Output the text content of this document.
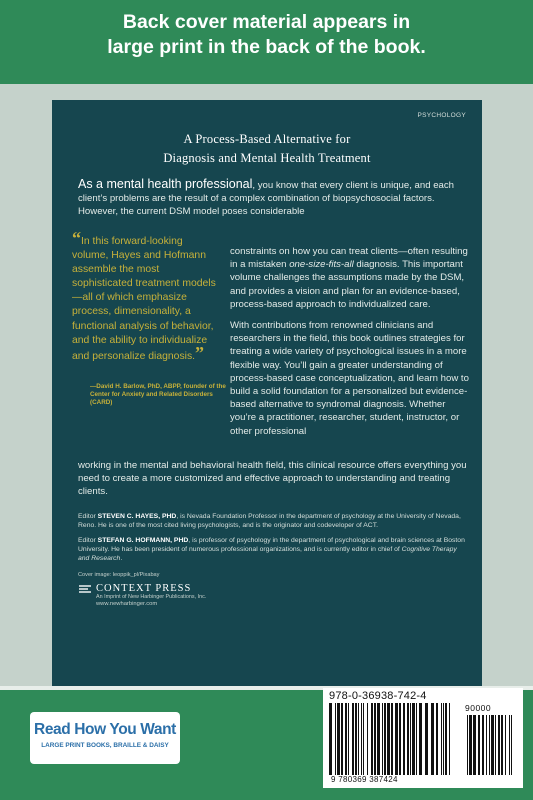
Back cover material appears in
large print in the back of the book.

PSYCHOLOGY
A Process-Based Alternative for
Diagnosis and Mental Health Treatment
As a mental health professional, you know that every client is unique, and each client’s problems are the result of a complex combination of biopsychosocial factors. However, the current DSM model poses considerable
“In this forward-looking volume, Hayes and Hofmann assemble the most sophisticated treatment models—all of which emphasize process, dimensionality, a functional analysis of behavior, and the ability to individualize and personalize diagnosis.”
—David H. Barlow, PhD, ABPP, founder of the Center for Anxiety and Related Disorders (CARD)

constraints on how you can treat clients—often resulting in a mistaken one-size-fits-all diagnosis. This important volume challenges the assumptions made by the DSM, and provides a vision and plan for an evidence-based, process-based approach to individualized care.

With contributions from renowned clinicians and researchers in the field, this book outlines strategies for treating a wide variety of psychological issues in a more flexible way. You’ll gain a greater understanding of process-based case conceptualization, and learn how to build a solid foundation for a personalized but evidence-based alternative to syndromal diagnosis. Whether you’re a practitioner, researcher, student, instructor, or other professional

working in the mental and behavioral health field, this clinical resource offers everything you need to create a more customized and effective approach to understanding and treating clients.

Editor STEVEN C. HAYES, PHD, is Nevada Foundation Professor in the department of psychology at the University of Nevada, Reno. He is one of the most cited living psychologists, and is the originator and codeveloper of ACT.

Editor STEFAN G. HOFMANN, PHD, is professor of psychology in the department of psychological and brain sciences at Boston University. He has been president of numerous professional organizations, and is currently editor in chief of Cognitive Therapy and Research.

Cover image: leoppik_pl/Pixabay
CONTEXT PRESS
An Imprint of New Harbinger Publications, Inc.
www.newharbinger.com
Read How You Want
LARGE PRINT BOOKS, BRAILLE & DAISY
978-0-36938-742-4
90000
9 780369 387424
